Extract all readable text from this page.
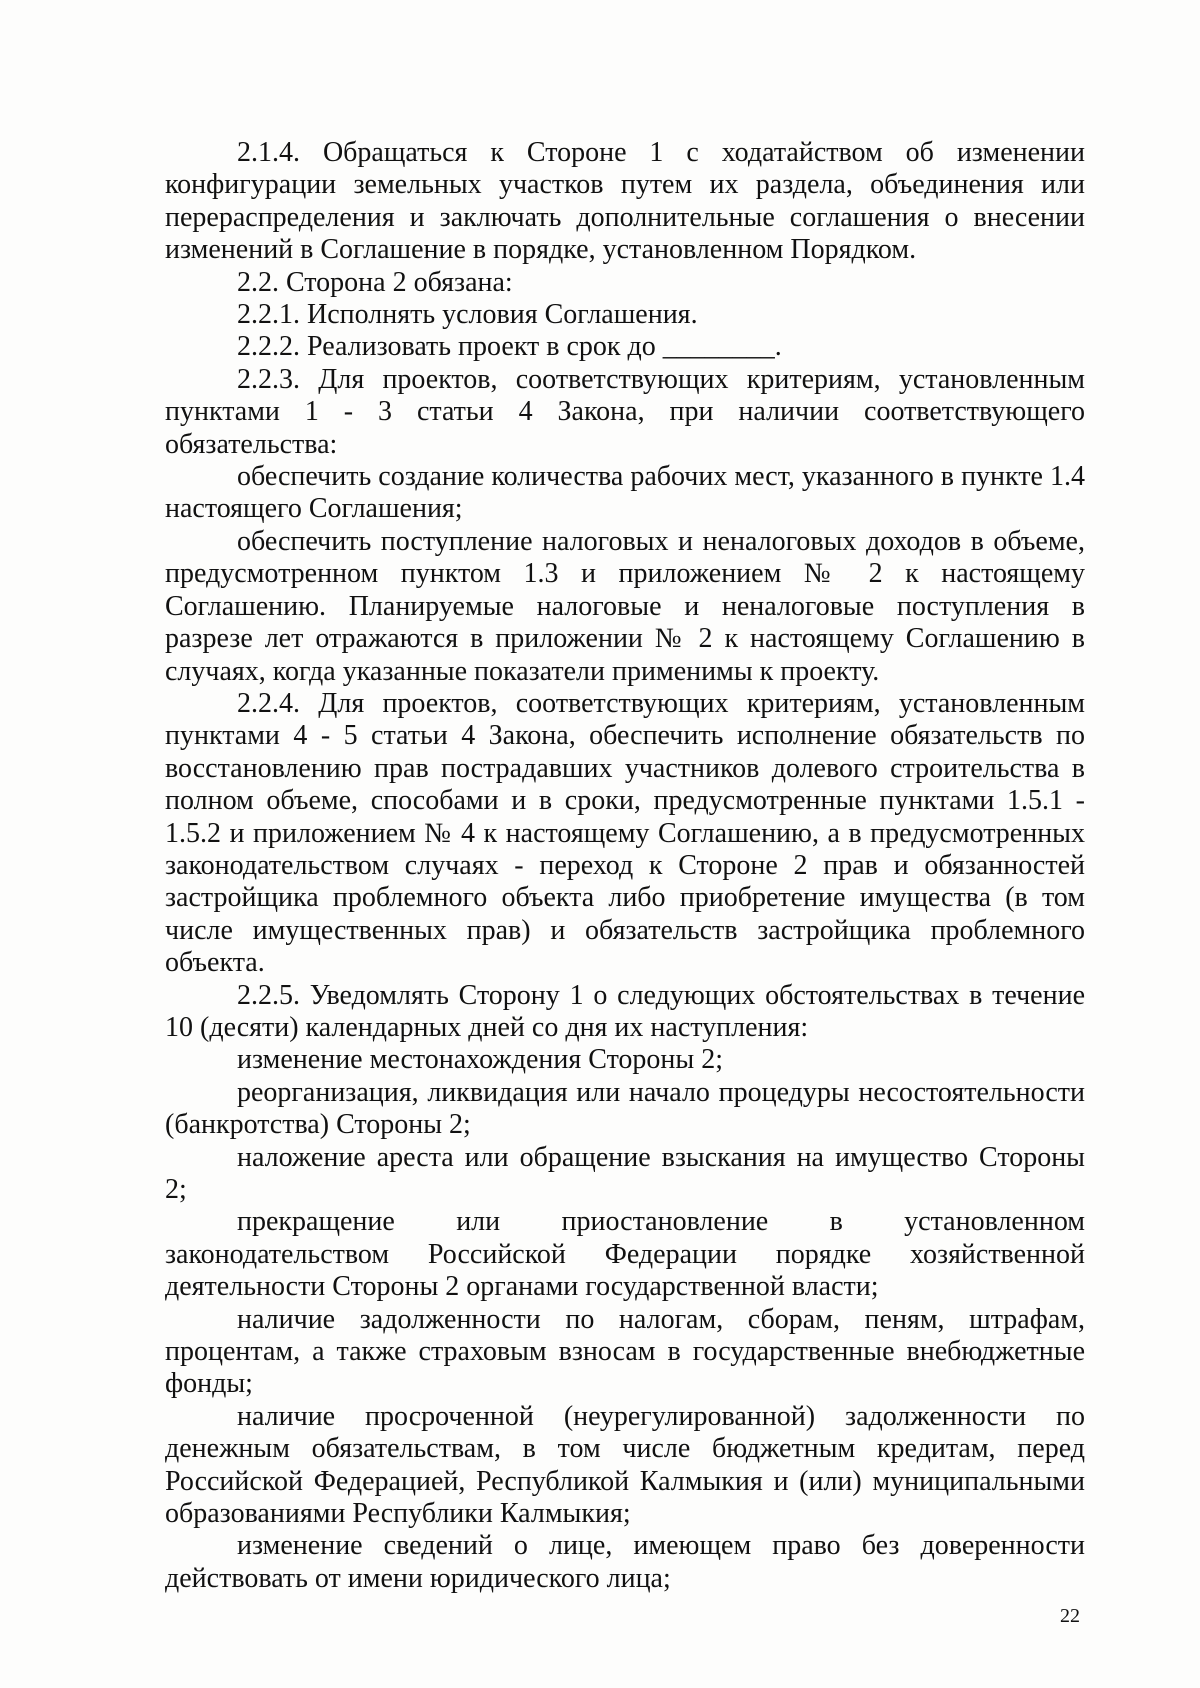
2.1.4. Обращаться к Стороне 1 с ходатайством об изменении конфигурации земельных участков путем их раздела, объединения или перераспределения и заключать дополнительные соглашения о внесении изменений в Соглашение в порядке, установленном Порядком.

2.2. Сторона 2 обязана:

2.2.1. Исполнять условия Соглашения.

2.2.2. Реализовать проект в срок до ________.

2.2.3. Для проектов, соответствующих критериям, установленным пунктами 1 - 3 статьи 4 Закона, при наличии соответствующего обязательства:

обеспечить создание количества рабочих мест, указанного в пункте 1.4 настоящего Соглашения;

обеспечить поступление налоговых и неналоговых доходов в объеме, предусмотренном пунктом 1.3 и приложением № 2 к настоящему Соглашению. Планируемые налоговые и неналоговые поступления в разрезе лет отражаются в приложении № 2 к настоящему Соглашению в случаях, когда указанные показатели применимы к проекту.

2.2.4. Для проектов, соответствующих критериям, установленным пунктами 4 - 5 статьи 4 Закона, обеспечить исполнение обязательств по восстановлению прав пострадавших участников долевого строительства в полном объеме, способами и в сроки, предусмотренные пунктами 1.5.1 - 1.5.2 и приложением № 4 к настоящему Соглашению, а в предусмотренных законодательством случаях - переход к Стороне 2 прав и обязанностей застройщика проблемного объекта либо приобретение имущества (в том числе имущественных прав) и обязательств застройщика проблемного объекта.

2.2.5. Уведомлять Сторону 1 о следующих обстоятельствах в течение 10 (десяти) календарных дней со дня их наступления:

изменение местонахождения Стороны 2;

реорганизация, ликвидация или начало процедуры несостоятельности (банкротства) Стороны 2;

наложение ареста или обращение взыскания на имущество Стороны 2;

прекращение или приостановление в установленном законодательством Российской Федерации порядке хозяйственной деятельности Стороны 2 органами государственной власти;

наличие задолженности по налогам, сборам, пеням, штрафам, процентам, а также страховым взносам в государственные внебюджетные фонды;

наличие просроченной (неурегулированной) задолженности по денежным обязательствам, в том числе бюджетным кредитам, перед Российской Федерацией, Республикой Калмыкия и (или) муниципальными образованиями Республики Калмыкия;

изменение сведений о лице, имеющем право без доверенности действовать от имени юридического лица;

22
